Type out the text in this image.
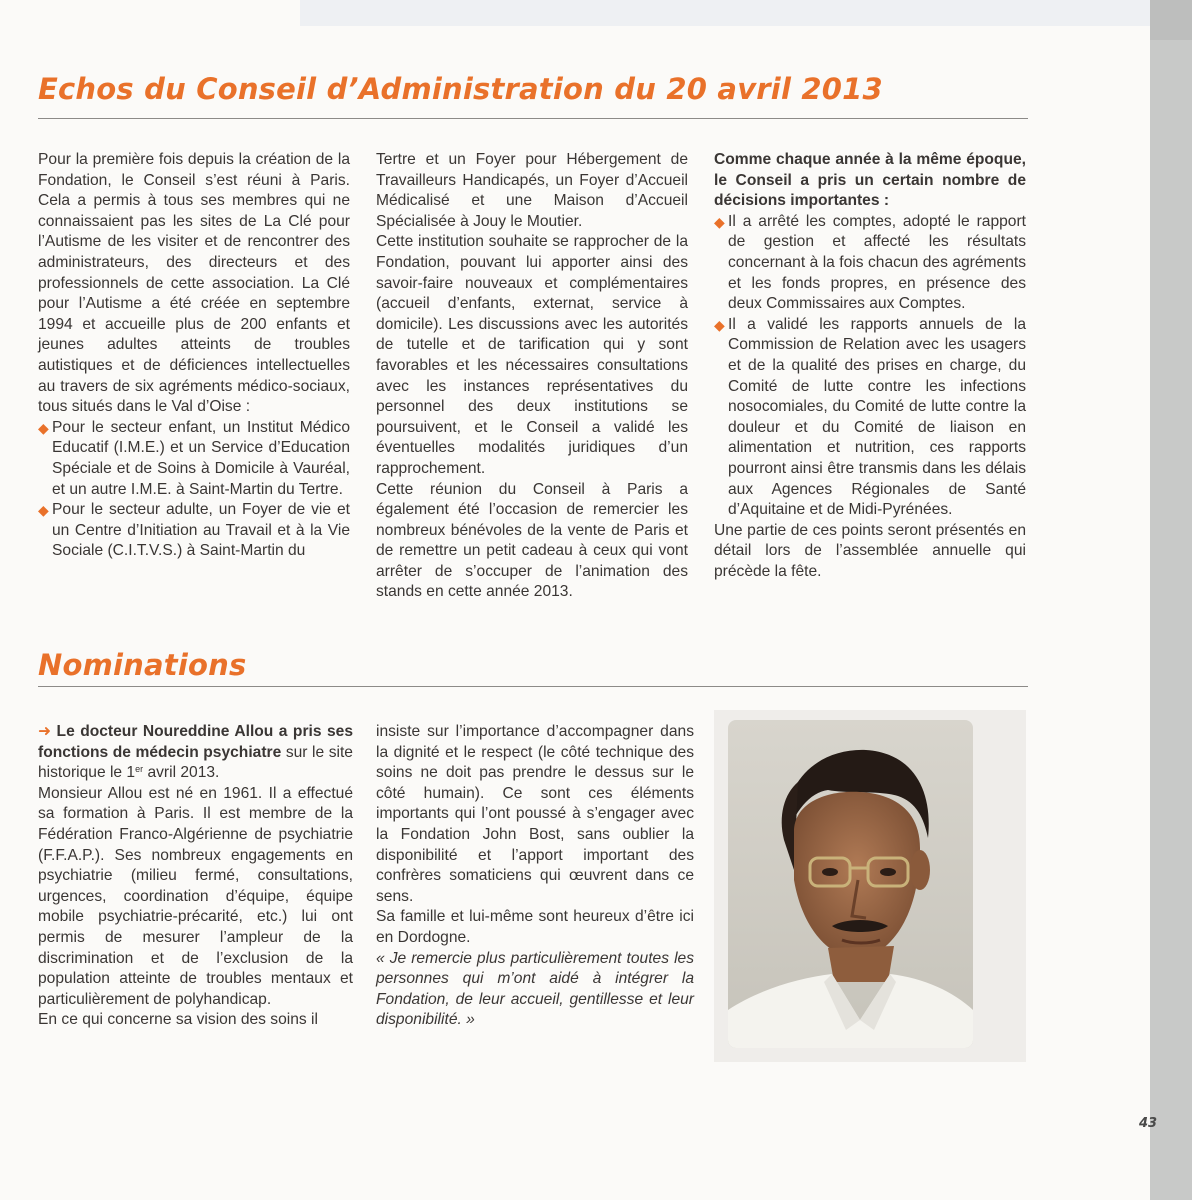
Echos du Conseil d’Administration du 20 avril 2013

Pour la première fois depuis la création de la Fondation, le Conseil s’est réuni à Paris. Cela a permis à tous ses membres qui ne connaissaient pas les sites de La Clé pour l’Autisme de les visiter et de rencontrer des administrateurs, des directeurs et des professionnels de cette association. La Clé pour l’Autisme a été créée en septembre 1994 et accueille plus de 200 enfants et jeunes adultes atteints de troubles autistiques et de déficiences intellectuelles au travers de six agréments médico-sociaux, tous situés dans le Val d’Oise :

◆ Pour le secteur enfant, un Institut Médico Educatif (I.M.E.) et un Service d’Education Spéciale et de Soins à Domicile à Vauréal, et un autre I.M.E. à Saint-Martin du Tertre.

◆ Pour le secteur adulte, un Foyer de vie et un Centre d’Initiation au Travail et à la Vie Sociale (C.I.T.V.S.) à Saint-Martin du

Tertre et un Foyer pour Hébergement de Travailleurs Handicapés, un Foyer d’Accueil Médicalisé et une Maison d’Accueil Spécialisée à Jouy le Moutier.

Cette institution souhaite se rapprocher de la Fondation, pouvant lui apporter ainsi des savoir-faire nouveaux et complémentaires (accueil d’enfants, externat, service à domicile). Les discussions avec les autorités de tutelle et de tarification qui y sont favorables et les nécessaires consultations avec les instances représentatives du personnel des deux institutions se poursuivent, et le Conseil a validé les éventuelles modalités juridiques d’un rapprochement.

Cette réunion du Conseil à Paris a également été l’occasion de remercier les nombreux bénévoles de la vente de Paris et de remettre un petit cadeau à ceux qui vont arrêter de s’occuper de l’animation des stands en cette année 2013.

Comme chaque année à la même époque, le Conseil a pris un certain nombre de décisions importantes :

◆ Il a arrêté les comptes, adopté le rapport de gestion et affecté les résultats concernant à la fois chacun des agréments et les fonds propres, en présence des deux Commissaires aux Comptes.

◆ Il a validé les rapports annuels de la Commission de Relation avec les usagers et de la qualité des prises en charge, du Comité de lutte contre les infections nosocomiales, du Comité de lutte contre la douleur et du Comité de liaison en alimentation et nutrition, ces rapports pourront ainsi être transmis dans les délais aux Agences Régionales de Santé d’Aquitaine et de Midi-Pyrénées.

Une partie de ces points seront présentés en détail lors de l’assemblée annuelle qui précède la fête.

Nominations

➜ Le docteur Noureddine Allou a pris ses fonctions de médecin psychiatre sur le site historique le 1er avril 2013.

Monsieur Allou est né en 1961. Il a effectué sa formation à Paris. Il est membre de la Fédération Franco-Algérienne de psychiatrie (F.F.A.P.). Ses nombreux engagements en psychiatrie (milieu fermé, consultations, urgences, coordination d’équipe, équipe mobile psychiatrie-précarité, etc.) lui ont permis de mesurer l’ampleur de la discrimination et de l’exclusion de la population atteinte de troubles mentaux et particulièrement de polyhandicap.

En ce qui concerne sa vision des soins il

insiste sur l’importance d’accompagner dans la dignité et le respect (le côté technique des soins ne doit pas prendre le dessus sur le côté humain). Ce sont ces éléments importants qui l’ont poussé à s’engager avec la Fondation John Bost, sans oublier la disponibilité et l’apport important des confrères somaticiens qui œuvrent dans ce sens.

Sa famille et lui-même sont heureux d’être ici en Dordogne.

« Je remercie plus particulièrement toutes les personnes qui m’ont aidé à intégrer la Fondation, de leur accueil, gentillesse et leur disponibilité. »

43
